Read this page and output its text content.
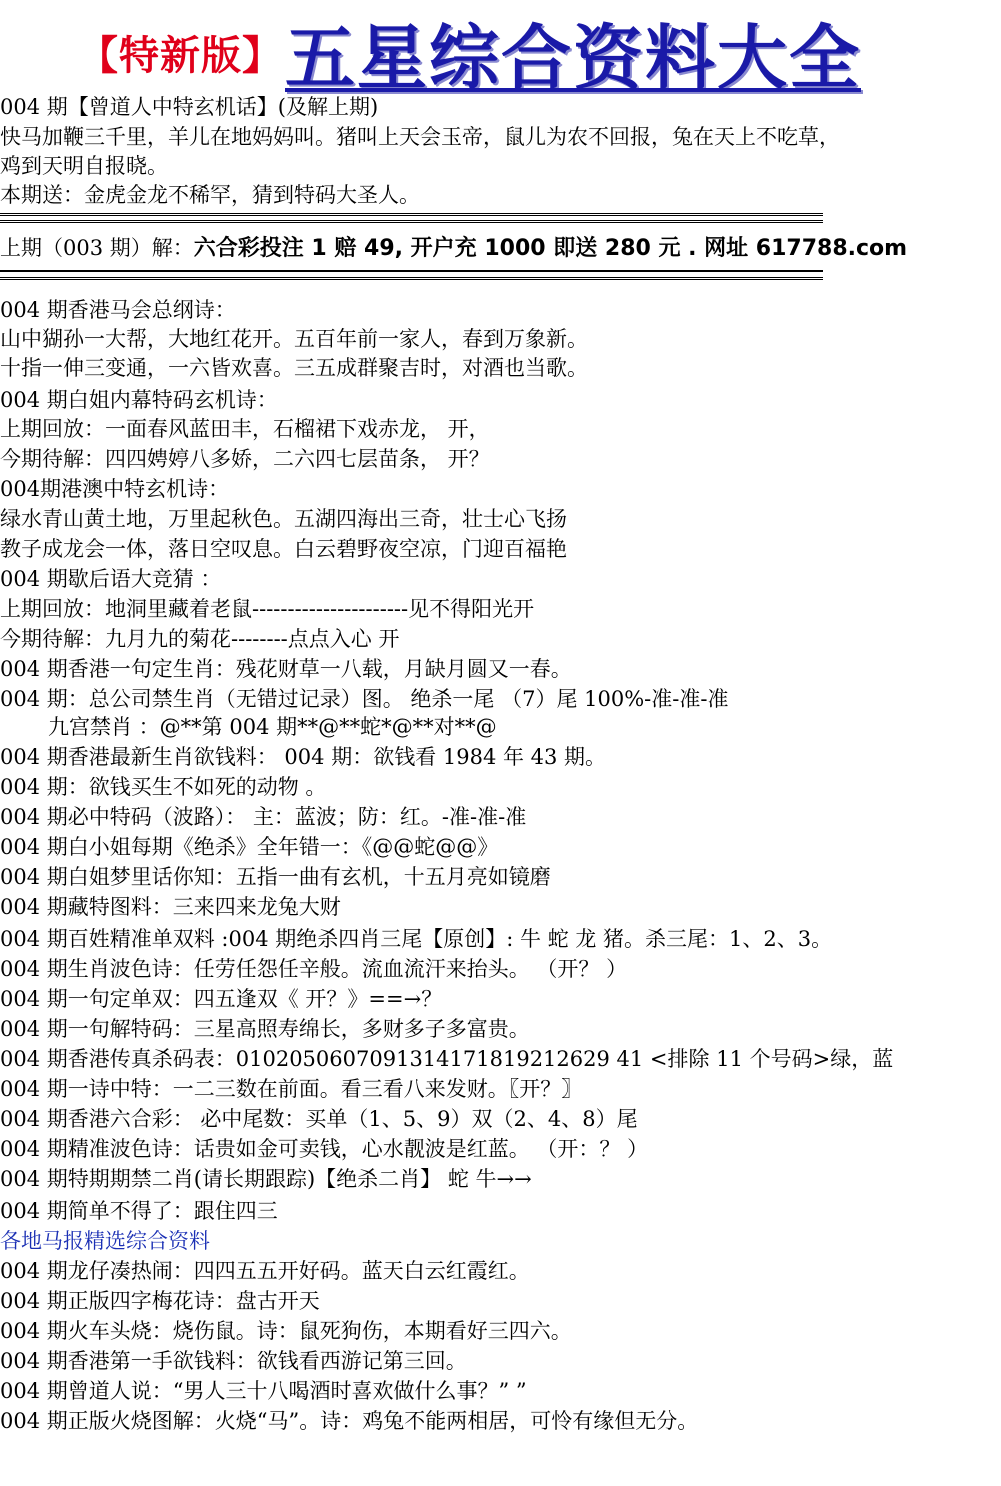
【特新版】 五星综合资料大全
004 期【曾道人中特玄机话】(及解上期)
快马加鞭三千里，羊儿在地妈妈叫。猪叫上天会玉帝，鼠儿为农不回报，兔在天上不吃草，
鸡到天明自报晓。
本期送：金虎金龙不稀罕，猜到特码大圣人。
上期（003 期）解：六合彩投注 1 赔 49, 开户充 1000 即送 280 元 . 网址 617788.com
004 期香港马会总纲诗：
山中猢孙一大帮，大地红花开。五百年前一家人，春到万象新。
十指一伸三变通，一六皆欢喜。三五成群聚吉时，对酒也当歌。
004 期白姐内幕特码玄机诗：
上期回放：一面春风蓝田丰，石榴裙下戏赤龙， 开，
今期待解：四四娉婷八多娇，二六四七层苗条， 开？
004期港澳中特玄机诗：
绿水青山黄土地，万里起秋色。五湖四海出三奇，壮士心飞扬
教子成龙会一体，落日空叹息。白云碧野夜空凉，门迎百福艳
004 期歇后语大竞猜 ：
上期回放：地洞里藏着老鼠----------------------见不得阳光开
今期待解：九月九的菊花--------点点入心 开
004 期香港一句定生肖：残花财草一八载，月缺月圆又一春。
004 期：总公司禁生肖（无错过记录）图。 绝杀一尾 （7）尾 100%-准-准-准
九宫禁肖 ：@**第 004 期**@**蛇*@**对**@
004 期香港最新生肖欲钱料： 004 期：欲钱看 1984 年 43 期。
004 期：欲钱买生不如死的动物 。
004 期必中特码（波路）： 主：蓝波；防：红。-准-准-准
004 期白小姐每期《绝杀》全年错一：《@@蛇@@》
004 期白姐梦里话你知：五指一曲有玄机，十五月亮如镜磨
004 期藏特图料：三来四来龙兔大财
004 期百姓精准单双料 :004 期绝杀四肖三尾【原创】: 牛 蛇 龙 猪。杀三尾：1、2、3。
004 期生肖波色诗：任劳任怨任辛般。流血流汗来抬头。 （开？ ）
004 期一句定单双：四五逢双《 开？》==→？
004 期一句解特码：三星高照寿绵长，多财多子多富贵。
004 期香港传真杀码表：0102050607091314171819212629 41 <排除 11 个号码>绿，蓝
004 期一诗中特：一二三数在前面。看三看八来发财。〖开？〗
004 期香港六合彩： 必中尾数：买单（1、5、9）双（2、4、8）尾
004 期精准波色诗：话贵如金可卖钱，心水靓波是红蓝。 （开：？ ）
004 期特期期禁二肖(请长期跟踪)【绝杀二肖】 蛇 牛→→
004 期简单不得了：跟住四三
各地马报精选综合资料
004 期龙仔凑热闹：四四五五开好码。蓝天白云红霞红。
004 期正版四字梅花诗：盘古开天
004 期火车头烧：烧伤鼠。诗：鼠死狗伤，本期看好三四六。
004 期香港第一手欲钱料：欲钱看西游记第三回。
004 期曾道人说：“男人三十八喝酒时喜欢做什么事？” ”
004 期正版火烧图解：火烧“马”。诗：鸡兔不能两相居，可怜有缘但无分。
